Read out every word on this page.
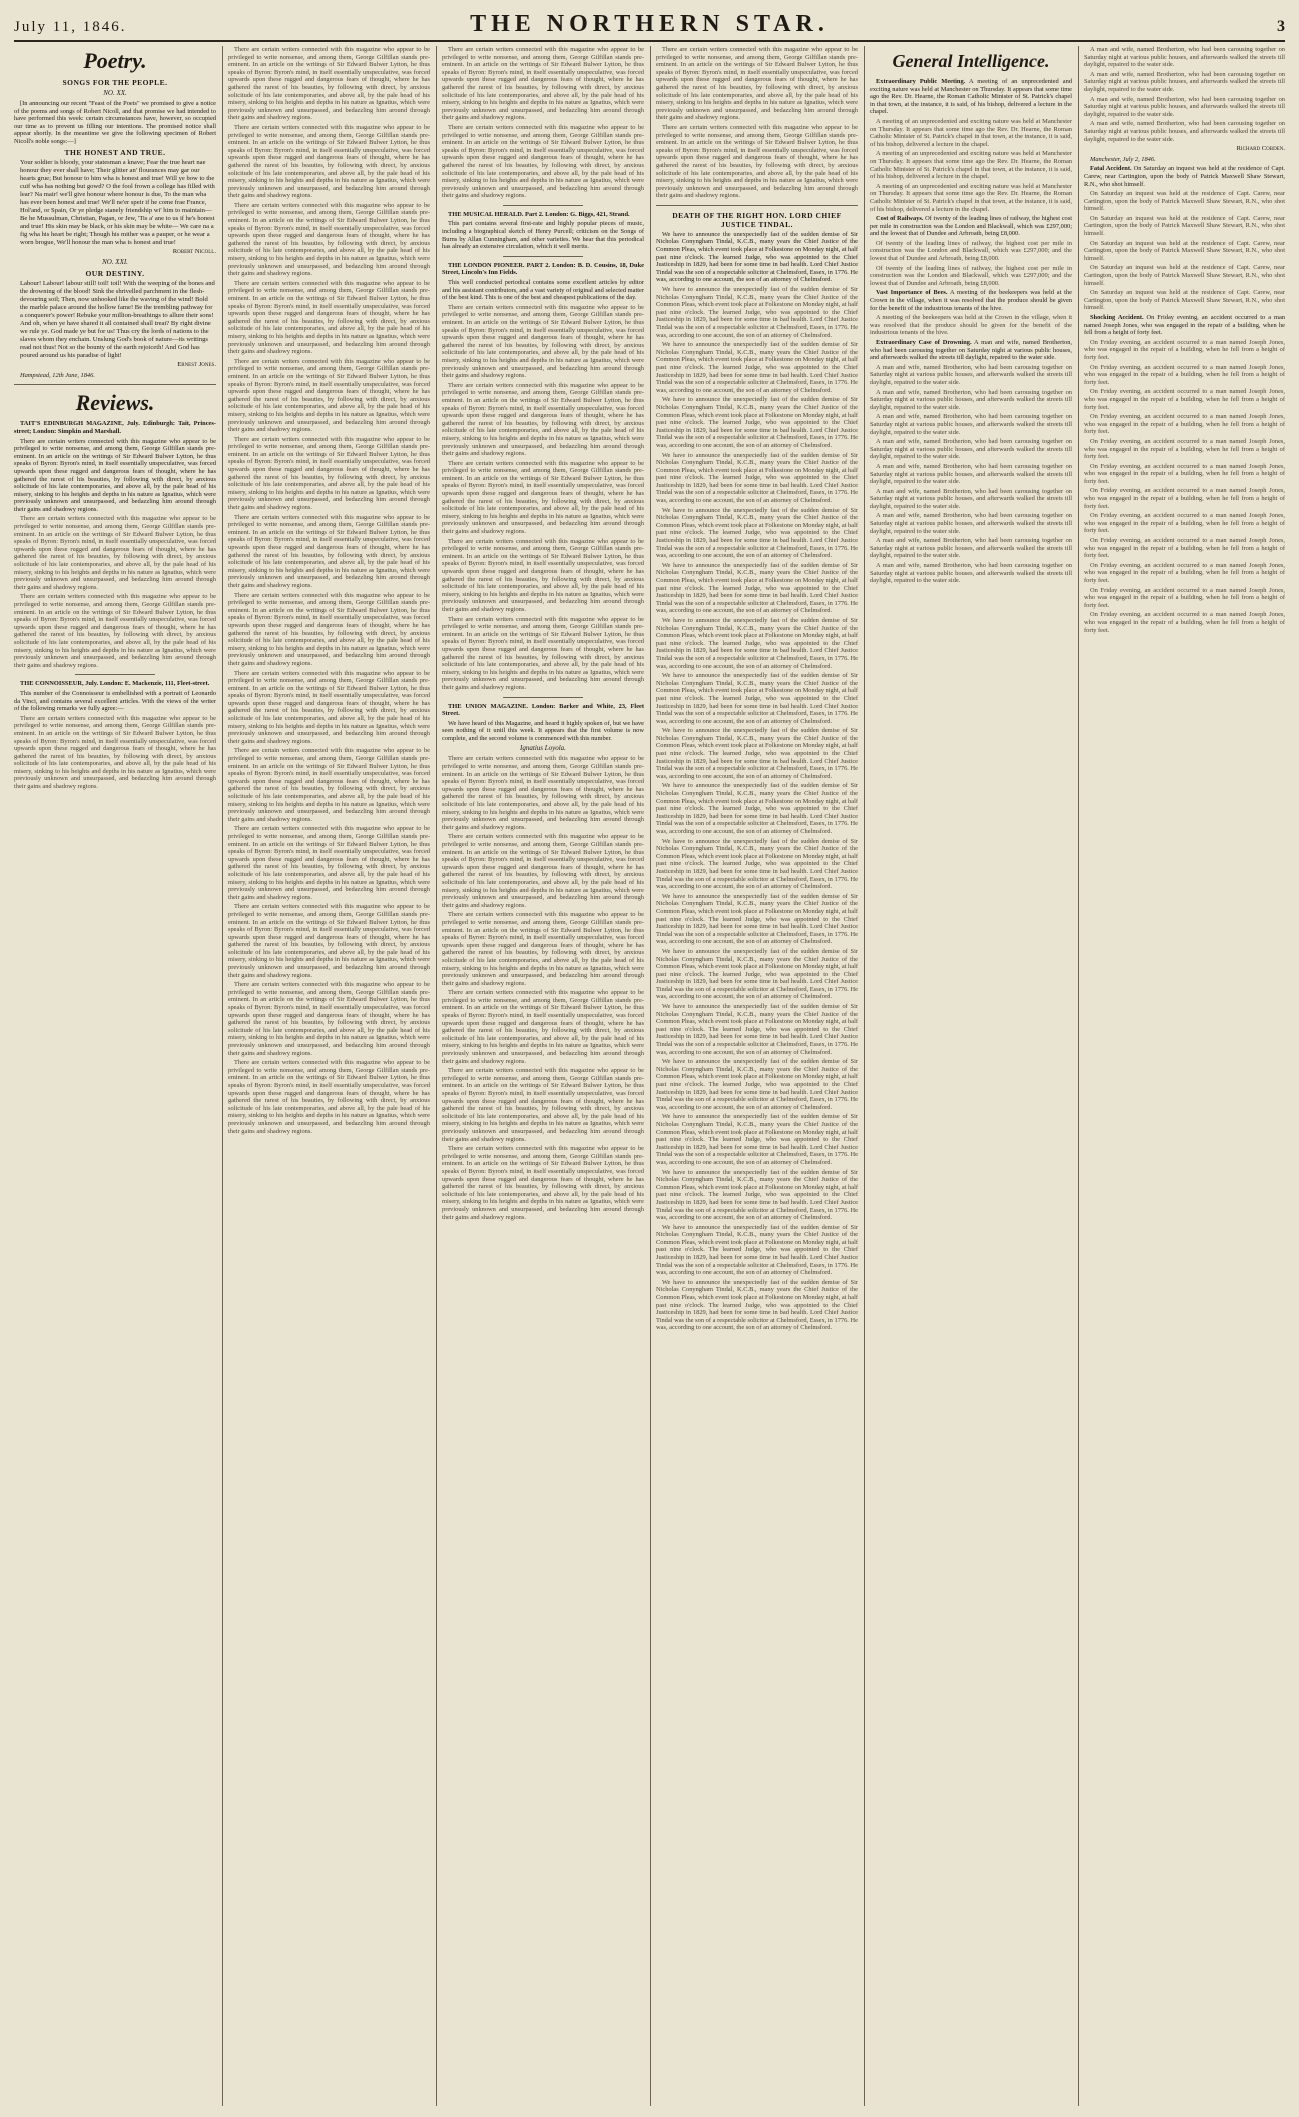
July 11, 1846.	THE NORTHERN STAR.	3
Poetry.
SONGS FOR THE PEOPLE.
NO. XX.
[In announcing our recent "Feast of the Poets" we promised to give a notice of the poems and songs of Robert Nicoll, and that promise we had intended to have performed this week: certain circumstances have, however, so occupied our time as to prevent us filling our intentions. The promised notice shall appear shortly. In the meantime we give the following specimen of Robert Nicoll's noble songs:—]
THE HONEST AND TRUE.
Your soldier is bloody, your statesman a knave; Fear the true heart nae honour they ever shall have; Their glitter an' flourances may gar our hearts grue; But honour to him wha is honest and true! Will ye bow to the cuif wha has nothing but gowd? O the fool frown a college has filled with lear? Na mair! we'll give honour where honour is due, To the man wha has ever been honest and true! We'll ne'er speir if he come frae France, Hol'and, or Spain, Or ye pledge stanely friendship wi' him to maintain— Be he Mussulman, Christian, Pagan, or Jew, 'Tis a' ane to us if he's honest and true! His skin may be black, or his skin may be white— We care na a fig wha his heart be right; Though his mither was a pauper, or he wear a worn brogue, We'll honour the man wha is honest and true!
Robert Nicoll.
NO. XXI.
OUR DESTINY.
Labour! Labour! labour still! toil! toil! With the weeping of the bones and the drowning of the blood! Sink the shrivelled parchment in the flesh-devouring soil; Then, now unhooked like the waving of the wind! Bold the marble palace around the hollow fame! Be the trembling pathway for a conquerer's power! Rebuke your million-breathings to allure their sons! And oh, when ye have shared it all contained shall treat? By right divine we rule ye. God made ye but for us! Thus cry the lords of nations to the slaves whom they enchain. Unslung God's book of nature—its writings read not thus! Not so the bounty of the earth rejoiceth! And God has poured around us his paradise of light!
Ernest Jones.
Hampstead, 12th June, 1846.
Reviews.
TAIT'S EDINBURGH MAGAZINE, July. Edinburgh: Tait, Princes-street; London: Simpkin and Marshall.
There are certain writers connected with this magazine who appear to be privileged to write nonsense, and among them, George Gilfillan stands pre-eminent. In an article on the writings of Sir Edward Bulwer Lytton, he thus speaks of Byron: Byron's mind, in itself essentially unspeculative, was forced upwards upon these rugged and dangerous fears of thought, where he has gathered the rarest of his beauties, by following with direct, by anxious solicitude of his late contemporaries, and above all, by the pale head of his misery, sinking to his heights and depths in his nature as Ignatius, which were previously unknown and unsurpassed, and bedazzling him around through their gains and shadowy regions.
There are certain writers connected with this magazine who appear to be privileged to write nonsense, and among them, George Gilfillan stands pre-eminent. In an article on the writings of Sir Edward Bulwer Lytton, he thus speaks of Byron: Byron's mind, in itself essentially unspeculative, was forced upwards upon these rugged and dangerous fears of thought, where he has gathered the rarest of his beauties, by following with direct, by anxious solicitude of his late contemporaries, and above all, by the pale head of his misery, sinking to his heights and depths in his nature as Ignatius, which were previously unknown and unsurpassed, and bedazzling him around through their gains and shadowy regions.
There are certain writers connected with this magazine who appear to be privileged to write nonsense, and among them, George Gilfillan stands pre-eminent. In an article on the writings of Sir Edward Bulwer Lytton, he thus speaks of Byron: Byron's mind, in itself essentially unspeculative, was forced upwards upon these rugged and dangerous fears of thought, where he has gathered the rarest of his beauties, by following with direct, by anxious solicitude of his late contemporaries, and above all, by the pale head of his misery, sinking to his heights and depths in his nature as Ignatius, which were previously unknown and unsurpassed, and bedazzling him around through their gains and shadowy regions.
THE CONNOISSEUR, July. London: E. Mackenzie, 111, Fleet-street.
This number of the Connoisseur is embellished with a portrait of Leonardo da Vinci, and contains several excellent articles. With the views of the writer of the following remarks we fully agree:—
There are certain writers connected with this magazine who appear to be privileged to write nonsense, and among them, George Gilfillan stands pre-eminent. In an article on the writings of Sir Edward Bulwer Lytton, he thus speaks of Byron: Byron's mind, in itself essentially unspeculative, was forced upwards upon these rugged and dangerous fears of thought, where he has gathered the rarest of his beauties, by following with direct, by anxious solicitude of his late contemporaries, and above all, by the pale head of his misery, sinking to his heights and depths in his nature as Ignatius, which were previously unknown and unsurpassed, and bedazzling him around through their gains and shadowy regions.
There are certain writers connected with this magazine who appear to be privileged to write nonsense, and among them, George Gilfillan stands pre-eminent. In an article on the writings of Sir Edward Bulwer Lytton, he thus speaks of Byron: Byron's mind, in itself essentially unspeculative, was forced upwards upon these rugged and dangerous fears of thought, where he has gathered the rarest of his beauties, by following with direct, by anxious solicitude of his late contemporaries, and above all, by the pale head of his misery, sinking to his heights and depths in his nature as Ignatius, which were previously unknown and unsurpassed, and bedazzling him around through their gains and shadowy regions.
There are certain writers connected with this magazine who appear to be privileged to write nonsense, and among them, George Gilfillan stands pre-eminent. In an article on the writings of Sir Edward Bulwer Lytton, he thus speaks of Byron: Byron's mind, in itself essentially unspeculative, was forced upwards upon these rugged and dangerous fears of thought, where he has gathered the rarest of his beauties, by following with direct, by anxious solicitude of his late contemporaries, and above all, by the pale head of his misery, sinking to his heights and depths in his nature as Ignatius, which were previously unknown and unsurpassed, and bedazzling him around through their gains and shadowy regions.
There are certain writers connected with this magazine who appear to be privileged to write nonsense, and among them, George Gilfillan stands pre-eminent. In an article on the writings of Sir Edward Bulwer Lytton, he thus speaks of Byron: Byron's mind, in itself essentially unspeculative, was forced upwards upon these rugged and dangerous fears of thought, where he has gathered the rarest of his beauties, by following with direct, by anxious solicitude of his late contemporaries, and above all, by the pale head of his misery, sinking to his heights and depths in his nature as Ignatius, which were previously unknown and unsurpassed, and bedazzling him around through their gains and shadowy regions.
There are certain writers connected with this magazine who appear to be privileged to write nonsense, and among them, George Gilfillan stands pre-eminent. In an article on the writings of Sir Edward Bulwer Lytton, he thus speaks of Byron: Byron's mind, in itself essentially unspeculative, was forced upwards upon these rugged and dangerous fears of thought, where he has gathered the rarest of his beauties, by following with direct, by anxious solicitude of his late contemporaries, and above all, by the pale head of his misery, sinking to his heights and depths in his nature as Ignatius, which were previously unknown and unsurpassed, and bedazzling him around through their gains and shadowy regions.
There are certain writers connected with this magazine who appear to be privileged to write nonsense, and among them, George Gilfillan stands pre-eminent. In an article on the writings of Sir Edward Bulwer Lytton, he thus speaks of Byron: Byron's mind, in itself essentially unspeculative, was forced upwards upon these rugged and dangerous fears of thought, where he has gathered the rarest of his beauties, by following with direct, by anxious solicitude of his late contemporaries, and above all, by the pale head of his misery, sinking to his heights and depths in his nature as Ignatius, which were previously unknown and unsurpassed, and bedazzling him around through their gains and shadowy regions.
There are certain writers connected with this magazine who appear to be privileged to write nonsense, and among them, George Gilfillan stands pre-eminent. In an article on the writings of Sir Edward Bulwer Lytton, he thus speaks of Byron: Byron's mind, in itself essentially unspeculative, was forced upwards upon these rugged and dangerous fears of thought, where he has gathered the rarest of his beauties, by following with direct, by anxious solicitude of his late contemporaries, and above all, by the pale head of his misery, sinking to his heights and depths in his nature as Ignatius, which were previously unknown and unsurpassed, and bedazzling him around through their gains and shadowy regions.
There are certain writers connected with this magazine who appear to be privileged to write nonsense, and among them, George Gilfillan stands pre-eminent. In an article on the writings of Sir Edward Bulwer Lytton, he thus speaks of Byron: Byron's mind, in itself essentially unspeculative, was forced upwards upon these rugged and dangerous fears of thought, where he has gathered the rarest of his beauties, by following with direct, by anxious solicitude of his late contemporaries, and above all, by the pale head of his misery, sinking to his heights and depths in his nature as Ignatius, which were previously unknown and unsurpassed, and bedazzling him around through their gains and shadowy regions.
There are certain writers connected with this magazine who appear to be privileged to write nonsense, and among them, George Gilfillan stands pre-eminent. In an article on the writings of Sir Edward Bulwer Lytton, he thus speaks of Byron: Byron's mind, in itself essentially unspeculative, was forced upwards upon these rugged and dangerous fears of thought, where he has gathered the rarest of his beauties, by following with direct, by anxious solicitude of his late contemporaries, and above all, by the pale head of his misery, sinking to his heights and depths in his nature as Ignatius, which were previously unknown and unsurpassed, and bedazzling him around through their gains and shadowy regions.
There are certain writers connected with this magazine who appear to be privileged to write nonsense, and among them, George Gilfillan stands pre-eminent. In an article on the writings of Sir Edward Bulwer Lytton, he thus speaks of Byron: Byron's mind, in itself essentially unspeculative, was forced upwards upon these rugged and dangerous fears of thought, where he has gathered the rarest of his beauties, by following with direct, by anxious solicitude of his late contemporaries, and above all, by the pale head of his misery, sinking to his heights and depths in his nature as Ignatius, which were previously unknown and unsurpassed, and bedazzling him around through their gains and shadowy regions.
There are certain writers connected with this magazine who appear to be privileged to write nonsense, and among them, George Gilfillan stands pre-eminent. In an article on the writings of Sir Edward Bulwer Lytton, he thus speaks of Byron: Byron's mind, in itself essentially unspeculative, was forced upwards upon these rugged and dangerous fears of thought, where he has gathered the rarest of his beauties, by following with direct, by anxious solicitude of his late contemporaries, and above all, by the pale head of his misery, sinking to his heights and depths in his nature as Ignatius, which were previously unknown and unsurpassed, and bedazzling him around through their gains and shadowy regions.
There are certain writers connected with this magazine who appear to be privileged to write nonsense, and among them, George Gilfillan stands pre-eminent. In an article on the writings of Sir Edward Bulwer Lytton, he thus speaks of Byron: Byron's mind, in itself essentially unspeculative, was forced upwards upon these rugged and dangerous fears of thought, where he has gathered the rarest of his beauties, by following with direct, by anxious solicitude of his late contemporaries, and above all, by the pale head of his misery, sinking to his heights and depths in his nature as Ignatius, which were previously unknown and unsurpassed, and bedazzling him around through their gains and shadowy regions.
There are certain writers connected with this magazine who appear to be privileged to write nonsense, and among them, George Gilfillan stands pre-eminent. In an article on the writings of Sir Edward Bulwer Lytton, he thus speaks of Byron: Byron's mind, in itself essentially unspeculative, was forced upwards upon these rugged and dangerous fears of thought, where he has gathered the rarest of his beauties, by following with direct, by anxious solicitude of his late contemporaries, and above all, by the pale head of his misery, sinking to his heights and depths in his nature as Ignatius, which were previously unknown and unsurpassed, and bedazzling him around through their gains and shadowy regions.
There are certain writers connected with this magazine who appear to be privileged to write nonsense, and among them, George Gilfillan stands pre-eminent. In an article on the writings of Sir Edward Bulwer Lytton, he thus speaks of Byron: Byron's mind, in itself essentially unspeculative, was forced upwards upon these rugged and dangerous fears of thought, where he has gathered the rarest of his beauties, by following with direct, by anxious solicitude of his late contemporaries, and above all, by the pale head of his misery, sinking to his heights and depths in his nature as Ignatius, which were previously unknown and unsurpassed, and bedazzling him around through their gains and shadowy regions.
There are certain writers connected with this magazine who appear to be privileged to write nonsense, and among them, George Gilfillan stands pre-eminent. In an article on the writings of Sir Edward Bulwer Lytton, he thus speaks of Byron: Byron's mind, in itself essentially unspeculative, was forced upwards upon these rugged and dangerous fears of thought, where he has gathered the rarest of his beauties, by following with direct, by anxious solicitude of his late contemporaries, and above all, by the pale head of his misery, sinking to his heights and depths in his nature as Ignatius, which were previously unknown and unsurpassed, and bedazzling him around through their gains and shadowy regions.
There are certain writers connected with this magazine who appear to be privileged to write nonsense, and among them, George Gilfillan stands pre-eminent. In an article on the writings of Sir Edward Bulwer Lytton, he thus speaks of Byron: Byron's mind, in itself essentially unspeculative, was forced upwards upon these rugged and dangerous fears of thought, where he has gathered the rarest of his beauties, by following with direct, by anxious solicitude of his late contemporaries, and above all, by the pale head of his misery, sinking to his heights and depths in his nature as Ignatius, which were previously unknown and unsurpassed, and bedazzling him around through their gains and shadowy regions.
There are certain writers connected with this magazine who appear to be privileged to write nonsense, and among them, George Gilfillan stands pre-eminent. In an article on the writings of Sir Edward Bulwer Lytton, he thus speaks of Byron: Byron's mind, in itself essentially unspeculative, was forced upwards upon these rugged and dangerous fears of thought, where he has gathered the rarest of his beauties, by following with direct, by anxious solicitude of his late contemporaries, and above all, by the pale head of his misery, sinking to his heights and depths in his nature as Ignatius, which were previously unknown and unsurpassed, and bedazzling him around through their gains and shadowy regions.
THE MUSICAL HERALD. Part 2. London: G. Biggs, 421, Strand.
This part contains several first-rate and highly popular pieces of music, including a biographical sketch of Henry Purcell; criticism on the Songs of Burns by Allan Cunningham, and other varieties. We hear that this periodical has already an extensive circulation, which it well merits.
THE LONDON PIONEER. PART 2. London: B. D. Cousins, 18, Duke Street, Lincoln's Inn Fields.
This well conducted periodical contains some excellent articles by editor and his assistant contributors, and a vast variety of original and selected matter of the best kind. This is one of the best and cheapest publications of the day.
There are certain writers connected with this magazine who appear to be privileged to write nonsense, and among them, George Gilfillan stands pre-eminent. In an article on the writings of Sir Edward Bulwer Lytton, he thus speaks of Byron: Byron's mind, in itself essentially unspeculative, was forced upwards upon these rugged and dangerous fears of thought, where he has gathered the rarest of his beauties, by following with direct, by anxious solicitude of his late contemporaries, and above all, by the pale head of his misery, sinking to his heights and depths in his nature as Ignatius, which were previously unknown and unsurpassed, and bedazzling him around through their gains and shadowy regions.
There are certain writers connected with this magazine who appear to be privileged to write nonsense, and among them, George Gilfillan stands pre-eminent. In an article on the writings of Sir Edward Bulwer Lytton, he thus speaks of Byron: Byron's mind, in itself essentially unspeculative, was forced upwards upon these rugged and dangerous fears of thought, where he has gathered the rarest of his beauties, by following with direct, by anxious solicitude of his late contemporaries, and above all, by the pale head of his misery, sinking to his heights and depths in his nature as Ignatius, which were previously unknown and unsurpassed, and bedazzling him around through their gains and shadowy regions.
There are certain writers connected with this magazine who appear to be privileged to write nonsense, and among them, George Gilfillan stands pre-eminent. In an article on the writings of Sir Edward Bulwer Lytton, he thus speaks of Byron: Byron's mind, in itself essentially unspeculative, was forced upwards upon these rugged and dangerous fears of thought, where he has gathered the rarest of his beauties, by following with direct, by anxious solicitude of his late contemporaries, and above all, by the pale head of his misery, sinking to his heights and depths in his nature as Ignatius, which were previously unknown and unsurpassed, and bedazzling him around through their gains and shadowy regions.
There are certain writers connected with this magazine who appear to be privileged to write nonsense, and among them, George Gilfillan stands pre-eminent. In an article on the writings of Sir Edward Bulwer Lytton, he thus speaks of Byron: Byron's mind, in itself essentially unspeculative, was forced upwards upon these rugged and dangerous fears of thought, where he has gathered the rarest of his beauties, by following with direct, by anxious solicitude of his late contemporaries, and above all, by the pale head of his misery, sinking to his heights and depths in his nature as Ignatius, which were previously unknown and unsurpassed, and bedazzling him around through their gains and shadowy regions.
There are certain writers connected with this magazine who appear to be privileged to write nonsense, and among them, George Gilfillan stands pre-eminent. In an article on the writings of Sir Edward Bulwer Lytton, he thus speaks of Byron: Byron's mind, in itself essentially unspeculative, was forced upwards upon these rugged and dangerous fears of thought, where he has gathered the rarest of his beauties, by following with direct, by anxious solicitude of his late contemporaries, and above all, by the pale head of his misery, sinking to his heights and depths in his nature as Ignatius, which were previously unknown and unsurpassed, and bedazzling him around through their gains and shadowy regions.
THE UNION MAGAZINE. London: Barker and White, 23, Fleet Street.
We have heard of this Magazine, and heard it highly spoken of, but we have seen nothing of it until this week. It appears that the first volume is now complete, and the second volume is commenced with this number.
Ignatius Loyola.
There are certain writers connected with this magazine who appear to be privileged to write nonsense, and among them, George Gilfillan stands pre-eminent. In an article on the writings of Sir Edward Bulwer Lytton, he thus speaks of Byron: Byron's mind, in itself essentially unspeculative, was forced upwards upon these rugged and dangerous fears of thought, where he has gathered the rarest of his beauties, by following with direct, by anxious solicitude of his late contemporaries, and above all, by the pale head of his misery, sinking to his heights and depths in his nature as Ignatius, which were previously unknown and unsurpassed, and bedazzling him around through their gains and shadowy regions.
There are certain writers connected with this magazine who appear to be privileged to write nonsense, and among them, George Gilfillan stands pre-eminent. In an article on the writings of Sir Edward Bulwer Lytton, he thus speaks of Byron: Byron's mind, in itself essentially unspeculative, was forced upwards upon these rugged and dangerous fears of thought, where he has gathered the rarest of his beauties, by following with direct, by anxious solicitude of his late contemporaries, and above all, by the pale head of his misery, sinking to his heights and depths in his nature as Ignatius, which were previously unknown and unsurpassed, and bedazzling him around through their gains and shadowy regions.
There are certain writers connected with this magazine who appear to be privileged to write nonsense, and among them, George Gilfillan stands pre-eminent. In an article on the writings of Sir Edward Bulwer Lytton, he thus speaks of Byron: Byron's mind, in itself essentially unspeculative, was forced upwards upon these rugged and dangerous fears of thought, where he has gathered the rarest of his beauties, by following with direct, by anxious solicitude of his late contemporaries, and above all, by the pale head of his misery, sinking to his heights and depths in his nature as Ignatius, which were previously unknown and unsurpassed, and bedazzling him around through their gains and shadowy regions.
There are certain writers connected with this magazine who appear to be privileged to write nonsense, and among them, George Gilfillan stands pre-eminent. In an article on the writings of Sir Edward Bulwer Lytton, he thus speaks of Byron: Byron's mind, in itself essentially unspeculative, was forced upwards upon these rugged and dangerous fears of thought, where he has gathered the rarest of his beauties, by following with direct, by anxious solicitude of his late contemporaries, and above all, by the pale head of his misery, sinking to his heights and depths in his nature as Ignatius, which were previously unknown and unsurpassed, and bedazzling him around through their gains and shadowy regions.
There are certain writers connected with this magazine who appear to be privileged to write nonsense, and among them, George Gilfillan stands pre-eminent. In an article on the writings of Sir Edward Bulwer Lytton, he thus speaks of Byron: Byron's mind, in itself essentially unspeculative, was forced upwards upon these rugged and dangerous fears of thought, where he has gathered the rarest of his beauties, by following with direct, by anxious solicitude of his late contemporaries, and above all, by the pale head of his misery, sinking to his heights and depths in his nature as Ignatius, which were previously unknown and unsurpassed, and bedazzling him around through their gains and shadowy regions.
There are certain writers connected with this magazine who appear to be privileged to write nonsense, and among them, George Gilfillan stands pre-eminent. In an article on the writings of Sir Edward Bulwer Lytton, he thus speaks of Byron: Byron's mind, in itself essentially unspeculative, was forced upwards upon these rugged and dangerous fears of thought, where he has gathered the rarest of his beauties, by following with direct, by anxious solicitude of his late contemporaries, and above all, by the pale head of his misery, sinking to his heights and depths in his nature as Ignatius, which were previously unknown and unsurpassed, and bedazzling him around through their gains and shadowy regions.
There are certain writers connected with this magazine who appear to be privileged to write nonsense, and among them, George Gilfillan stands pre-eminent. In an article on the writings of Sir Edward Bulwer Lytton, he thus speaks of Byron: Byron's mind, in itself essentially unspeculative, was forced upwards upon these rugged and dangerous fears of thought, where he has gathered the rarest of his beauties, by following with direct, by anxious solicitude of his late contemporaries, and above all, by the pale head of his misery, sinking to his heights and depths in his nature as Ignatius, which were previously unknown and unsurpassed, and bedazzling him around through their gains and shadowy regions.
There are certain writers connected with this magazine who appear to be privileged to write nonsense, and among them, George Gilfillan stands pre-eminent. In an article on the writings of Sir Edward Bulwer Lytton, he thus speaks of Byron: Byron's mind, in itself essentially unspeculative, was forced upwards upon these rugged and dangerous fears of thought, where he has gathered the rarest of his beauties, by following with direct, by anxious solicitude of his late contemporaries, and above all, by the pale head of his misery, sinking to his heights and depths in his nature as Ignatius, which were previously unknown and unsurpassed, and bedazzling him around through their gains and shadowy regions.
DEATH OF THE RIGHT HON. LORD CHIEF JUSTICE TINDAL.
We have to announce the unexpectedly fast of the sudden demise of Sir Nicholas Conyngham Tindal, K.C.B., many years the Chief Justice of the Common Pleas, which event took place at Folkestone on Monday night, at half past nine o'clock. The learned Judge, who was appointed to the Chief Justiceship in 1829, had been for some time in bad health. Lord Chief Justice Tindal was the son of a respectable solicitor at Chelmsford, Essex, in 1776. He was, according to one account, the son of an attorney of Chelmsford.
We have to announce the unexpectedly fast of the sudden demise of Sir Nicholas Conyngham Tindal, K.C.B., many years the Chief Justice of the Common Pleas, which event took place at Folkestone on Monday night, at half past nine o'clock. The learned Judge, who was appointed to the Chief Justiceship in 1829, had been for some time in bad health. Lord Chief Justice Tindal was the son of a respectable solicitor at Chelmsford, Essex, in 1776. He was, according to one account, the son of an attorney of Chelmsford.
We have to announce the unexpectedly fast of the sudden demise of Sir Nicholas Conyngham Tindal, K.C.B., many years the Chief Justice of the Common Pleas, which event took place at Folkestone on Monday night, at half past nine o'clock. The learned Judge, who was appointed to the Chief Justiceship in 1829, had been for some time in bad health. Lord Chief Justice Tindal was the son of a respectable solicitor at Chelmsford, Essex, in 1776. He was, according to one account, the son of an attorney of Chelmsford.
We have to announce the unexpectedly fast of the sudden demise of Sir Nicholas Conyngham Tindal, K.C.B., many years the Chief Justice of the Common Pleas, which event took place at Folkestone on Monday night, at half past nine o'clock. The learned Judge, who was appointed to the Chief Justiceship in 1829, had been for some time in bad health. Lord Chief Justice Tindal was the son of a respectable solicitor at Chelmsford, Essex, in 1776. He was, according to one account, the son of an attorney of Chelmsford.
We have to announce the unexpectedly fast of the sudden demise of Sir Nicholas Conyngham Tindal, K.C.B., many years the Chief Justice of the Common Pleas, which event took place at Folkestone on Monday night, at half past nine o'clock. The learned Judge, who was appointed to the Chief Justiceship in 1829, had been for some time in bad health. Lord Chief Justice Tindal was the son of a respectable solicitor at Chelmsford, Essex, in 1776. He was, according to one account, the son of an attorney of Chelmsford.
We have to announce the unexpectedly fast of the sudden demise of Sir Nicholas Conyngham Tindal, K.C.B., many years the Chief Justice of the Common Pleas, which event took place at Folkestone on Monday night, at half past nine o'clock. The learned Judge, who was appointed to the Chief Justiceship in 1829, had been for some time in bad health. Lord Chief Justice Tindal was the son of a respectable solicitor at Chelmsford, Essex, in 1776. He was, according to one account, the son of an attorney of Chelmsford.
We have to announce the unexpectedly fast of the sudden demise of Sir Nicholas Conyngham Tindal, K.C.B., many years the Chief Justice of the Common Pleas, which event took place at Folkestone on Monday night, at half past nine o'clock. The learned Judge, who was appointed to the Chief Justiceship in 1829, had been for some time in bad health. Lord Chief Justice Tindal was the son of a respectable solicitor at Chelmsford, Essex, in 1776. He was, according to one account, the son of an attorney of Chelmsford.
We have to announce the unexpectedly fast of the sudden demise of Sir Nicholas Conyngham Tindal, K.C.B., many years the Chief Justice of the Common Pleas, which event took place at Folkestone on Monday night, at half past nine o'clock. The learned Judge, who was appointed to the Chief Justiceship in 1829, had been for some time in bad health. Lord Chief Justice Tindal was the son of a respectable solicitor at Chelmsford, Essex, in 1776. He was, according to one account, the son of an attorney of Chelmsford.
We have to announce the unexpectedly fast of the sudden demise of Sir Nicholas Conyngham Tindal, K.C.B., many years the Chief Justice of the Common Pleas, which event took place at Folkestone on Monday night, at half past nine o'clock. The learned Judge, who was appointed to the Chief Justiceship in 1829, had been for some time in bad health. Lord Chief Justice Tindal was the son of a respectable solicitor at Chelmsford, Essex, in 1776. He was, according to one account, the son of an attorney of Chelmsford.
We have to announce the unexpectedly fast of the sudden demise of Sir Nicholas Conyngham Tindal, K.C.B., many years the Chief Justice of the Common Pleas, which event took place at Folkestone on Monday night, at half past nine o'clock. The learned Judge, who was appointed to the Chief Justiceship in 1829, had been for some time in bad health. Lord Chief Justice Tindal was the son of a respectable solicitor at Chelmsford, Essex, in 1776. He was, according to one account, the son of an attorney of Chelmsford.
We have to announce the unexpectedly fast of the sudden demise of Sir Nicholas Conyngham Tindal, K.C.B., many years the Chief Justice of the Common Pleas, which event took place at Folkestone on Monday night, at half past nine o'clock. The learned Judge, who was appointed to the Chief Justiceship in 1829, had been for some time in bad health. Lord Chief Justice Tindal was the son of a respectable solicitor at Chelmsford, Essex, in 1776. He was, according to one account, the son of an attorney of Chelmsford.
We have to announce the unexpectedly fast of the sudden demise of Sir Nicholas Conyngham Tindal, K.C.B., many years the Chief Justice of the Common Pleas, which event took place at Folkestone on Monday night, at half past nine o'clock. The learned Judge, who was appointed to the Chief Justiceship in 1829, had been for some time in bad health. Lord Chief Justice Tindal was the son of a respectable solicitor at Chelmsford, Essex, in 1776. He was, according to one account, the son of an attorney of Chelmsford.
We have to announce the unexpectedly fast of the sudden demise of Sir Nicholas Conyngham Tindal, K.C.B., many years the Chief Justice of the Common Pleas, which event took place at Folkestone on Monday night, at half past nine o'clock. The learned Judge, who was appointed to the Chief Justiceship in 1829, had been for some time in bad health. Lord Chief Justice Tindal was the son of a respectable solicitor at Chelmsford, Essex, in 1776. He was, according to one account, the son of an attorney of Chelmsford.
We have to announce the unexpectedly fast of the sudden demise of Sir Nicholas Conyngham Tindal, K.C.B., many years the Chief Justice of the Common Pleas, which event took place at Folkestone on Monday night, at half past nine o'clock. The learned Judge, who was appointed to the Chief Justiceship in 1829, had been for some time in bad health. Lord Chief Justice Tindal was the son of a respectable solicitor at Chelmsford, Essex, in 1776. He was, according to one account, the son of an attorney of Chelmsford.
We have to announce the unexpectedly fast of the sudden demise of Sir Nicholas Conyngham Tindal, K.C.B., many years the Chief Justice of the Common Pleas, which event took place at Folkestone on Monday night, at half past nine o'clock. The learned Judge, who was appointed to the Chief Justiceship in 1829, had been for some time in bad health. Lord Chief Justice Tindal was the son of a respectable solicitor at Chelmsford, Essex, in 1776. He was, according to one account, the son of an attorney of Chelmsford.
We have to announce the unexpectedly fast of the sudden demise of Sir Nicholas Conyngham Tindal, K.C.B., many years the Chief Justice of the Common Pleas, which event took place at Folkestone on Monday night, at half past nine o'clock. The learned Judge, who was appointed to the Chief Justiceship in 1829, had been for some time in bad health. Lord Chief Justice Tindal was the son of a respectable solicitor at Chelmsford, Essex, in 1776. He was, according to one account, the son of an attorney of Chelmsford.
We have to announce the unexpectedly fast of the sudden demise of Sir Nicholas Conyngham Tindal, K.C.B., many years the Chief Justice of the Common Pleas, which event took place at Folkestone on Monday night, at half past nine o'clock. The learned Judge, who was appointed to the Chief Justiceship in 1829, had been for some time in bad health. Lord Chief Justice Tindal was the son of a respectable solicitor at Chelmsford, Essex, in 1776. He was, according to one account, the son of an attorney of Chelmsford.
We have to announce the unexpectedly fast of the sudden demise of Sir Nicholas Conyngham Tindal, K.C.B., many years the Chief Justice of the Common Pleas, which event took place at Folkestone on Monday night, at half past nine o'clock. The learned Judge, who was appointed to the Chief Justiceship in 1829, had been for some time in bad health. Lord Chief Justice Tindal was the son of a respectable solicitor at Chelmsford, Essex, in 1776. He was, according to one account, the son of an attorney of Chelmsford.
We have to announce the unexpectedly fast of the sudden demise of Sir Nicholas Conyngham Tindal, K.C.B., many years the Chief Justice of the Common Pleas, which event took place at Folkestone on Monday night, at half past nine o'clock. The learned Judge, who was appointed to the Chief Justiceship in 1829, had been for some time in bad health. Lord Chief Justice Tindal was the son of a respectable solicitor at Chelmsford, Essex, in 1776. He was, according to one account, the son of an attorney of Chelmsford.
We have to announce the unexpectedly fast of the sudden demise of Sir Nicholas Conyngham Tindal, K.C.B., many years the Chief Justice of the Common Pleas, which event took place at Folkestone on Monday night, at half past nine o'clock. The learned Judge, who was appointed to the Chief Justiceship in 1829, had been for some time in bad health. Lord Chief Justice Tindal was the son of a respectable solicitor at Chelmsford, Essex, in 1776. He was, according to one account, the son of an attorney of Chelmsford.
General Intelligence.
Extraordinary Public Meeting. A meeting of an unprecedented and exciting nature was held at Manchester on Thursday. It appears that some time ago the Rev. Dr. Hearne, the Roman Catholic Minister of St. Patrick's chapel in that town, at the instance, it is said, of his bishop, delivered a lecture in the chapel.
A meeting of an unprecedented and exciting nature was held at Manchester on Thursday. It appears that some time ago the Rev. Dr. Hearne, the Roman Catholic Minister of St. Patrick's chapel in that town, at the instance, it is said, of his bishop, delivered a lecture in the chapel.
A meeting of an unprecedented and exciting nature was held at Manchester on Thursday. It appears that some time ago the Rev. Dr. Hearne, the Roman Catholic Minister of St. Patrick's chapel in that town, at the instance, it is said, of his bishop, delivered a lecture in the chapel.
A meeting of an unprecedented and exciting nature was held at Manchester on Thursday. It appears that some time ago the Rev. Dr. Hearne, the Roman Catholic Minister of St. Patrick's chapel in that town, at the instance, it is said, of his bishop, delivered a lecture in the chapel.
Cost of Railways. Of twenty of the leading lines of railway, the highest cost per mile in construction was the London and Blackwall, which was £297,000; and the lowest that of Dundee and Arbroath, being £8,000.
Of twenty of the leading lines of railway, the highest cost per mile in construction was the London and Blackwall, which was £297,000; and the lowest that of Dundee and Arbroath, being £8,000.
Of twenty of the leading lines of railway, the highest cost per mile in construction was the London and Blackwall, which was £297,000; and the lowest that of Dundee and Arbroath, being £8,000.
Vast Importance of Bees. A meeting of the beekeepers was held at the Crown in the village, when it was resolved that the produce should be given for the benefit of the industrious tenants of the hive.
A meeting of the beekeepers was held at the Crown in the village, when it was resolved that the produce should be given for the benefit of the industrious tenants of the hive.
Extraordinary Case of Drowning. A man and wife, named Brotherton, who had been carousing together on Saturday night at various public houses, and afterwards walked the streets till daylight, repaired to the water side.
A man and wife, named Brotherton, who had been carousing together on Saturday night at various public houses, and afterwards walked the streets till daylight, repaired to the water side.
A man and wife, named Brotherton, who had been carousing together on Saturday night at various public houses, and afterwards walked the streets till daylight, repaired to the water side.
A man and wife, named Brotherton, who had been carousing together on Saturday night at various public houses, and afterwards walked the streets till daylight, repaired to the water side.
A man and wife, named Brotherton, who had been carousing together on Saturday night at various public houses, and afterwards walked the streets till daylight, repaired to the water side.
A man and wife, named Brotherton, who had been carousing together on Saturday night at various public houses, and afterwards walked the streets till daylight, repaired to the water side.
A man and wife, named Brotherton, who had been carousing together on Saturday night at various public houses, and afterwards walked the streets till daylight, repaired to the water side.
A man and wife, named Brotherton, who had been carousing together on Saturday night at various public houses, and afterwards walked the streets till daylight, repaired to the water side.
A man and wife, named Brotherton, who had been carousing together on Saturday night at various public houses, and afterwards walked the streets till daylight, repaired to the water side.
A man and wife, named Brotherton, who had been carousing together on Saturday night at various public houses, and afterwards walked the streets till daylight, repaired to the water side.
A man and wife, named Brotherton, who had been carousing together on Saturday night at various public houses, and afterwards walked the streets till daylight, repaired to the water side.
A man and wife, named Brotherton, who had been carousing together on Saturday night at various public houses, and afterwards walked the streets till daylight, repaired to the water side.
A man and wife, named Brotherton, who had been carousing together on Saturday night at various public houses, and afterwards walked the streets till daylight, repaired to the water side.
A man and wife, named Brotherton, who had been carousing together on Saturday night at various public houses, and afterwards walked the streets till daylight, repaired to the water side.
Richard Cobden.
Manchester, July 2, 1846.
Fatal Accident. On Saturday an inquest was held at the residence of Capt. Carew, near Cartington, upon the body of Patrick Maxwell Shaw Stewart, R.N., who shot himself.
On Saturday an inquest was held at the residence of Capt. Carew, near Cartington, upon the body of Patrick Maxwell Shaw Stewart, R.N., who shot himself.
On Saturday an inquest was held at the residence of Capt. Carew, near Cartington, upon the body of Patrick Maxwell Shaw Stewart, R.N., who shot himself.
On Saturday an inquest was held at the residence of Capt. Carew, near Cartington, upon the body of Patrick Maxwell Shaw Stewart, R.N., who shot himself.
On Saturday an inquest was held at the residence of Capt. Carew, near Cartington, upon the body of Patrick Maxwell Shaw Stewart, R.N., who shot himself.
On Saturday an inquest was held at the residence of Capt. Carew, near Cartington, upon the body of Patrick Maxwell Shaw Stewart, R.N., who shot himself.
Shocking Accident. On Friday evening, an accident occurred to a man named Joseph Jones, who was engaged in the repair of a building, when he fell from a height of forty feet.
On Friday evening, an accident occurred to a man named Joseph Jones, who was engaged in the repair of a building, when he fell from a height of forty feet.
On Friday evening, an accident occurred to a man named Joseph Jones, who was engaged in the repair of a building, when he fell from a height of forty feet.
On Friday evening, an accident occurred to a man named Joseph Jones, who was engaged in the repair of a building, when he fell from a height of forty feet.
On Friday evening, an accident occurred to a man named Joseph Jones, who was engaged in the repair of a building, when he fell from a height of forty feet.
On Friday evening, an accident occurred to a man named Joseph Jones, who was engaged in the repair of a building, when he fell from a height of forty feet.
On Friday evening, an accident occurred to a man named Joseph Jones, who was engaged in the repair of a building, when he fell from a height of forty feet.
On Friday evening, an accident occurred to a man named Joseph Jones, who was engaged in the repair of a building, when he fell from a height of forty feet.
On Friday evening, an accident occurred to a man named Joseph Jones, who was engaged in the repair of a building, when he fell from a height of forty feet.
On Friday evening, an accident occurred to a man named Joseph Jones, who was engaged in the repair of a building, when he fell from a height of forty feet.
On Friday evening, an accident occurred to a man named Joseph Jones, who was engaged in the repair of a building, when he fell from a height of forty feet.
On Friday evening, an accident occurred to a man named Joseph Jones, who was engaged in the repair of a building, when he fell from a height of forty feet.
On Friday evening, an accident occurred to a man named Joseph Jones, who was engaged in the repair of a building, when he fell from a height of forty feet.
